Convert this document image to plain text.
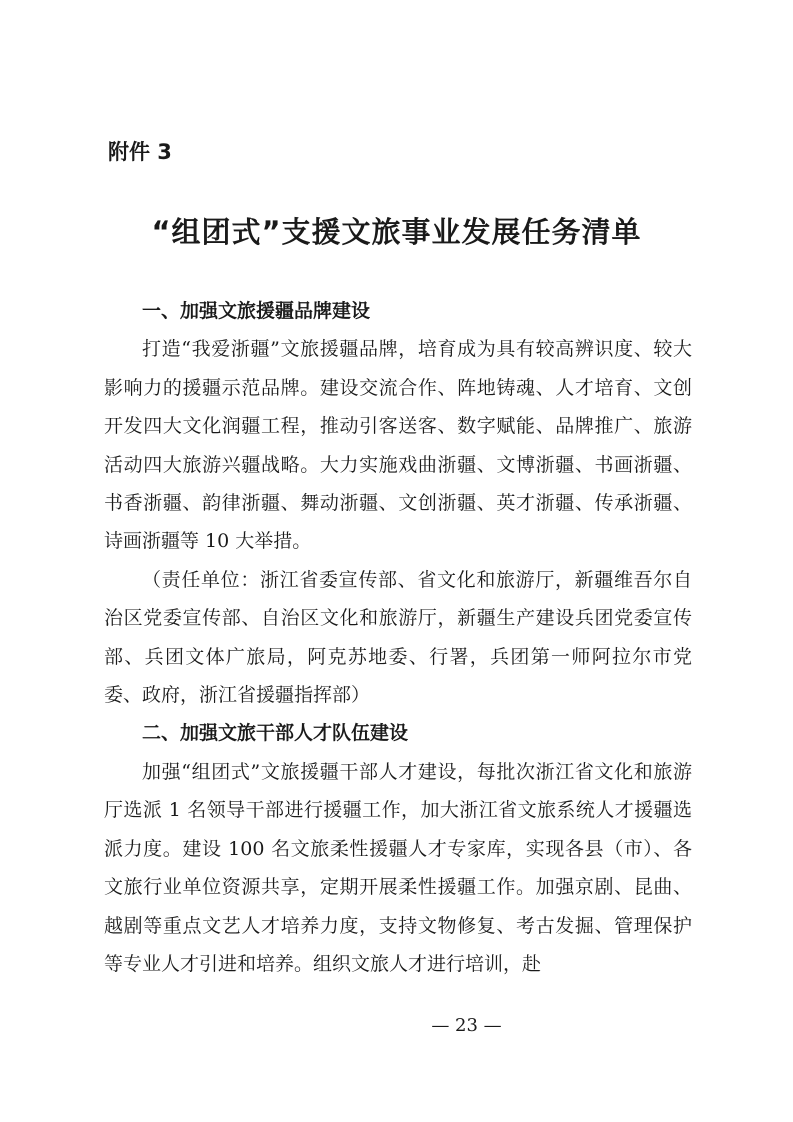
附件 3
“组团式”支援文旅事业发展任务清单

一、加强文旅援疆品牌建设

打造“我爱浙疆”文旅援疆品牌，培育成为具有较高辨识度、较大影响力的援疆示范品牌。建设交流合作、阵地铸魂、人才培育、文创开发四大文化润疆工程，推动引客送客、数字赋能、品牌推广、旅游活动四大旅游兴疆战略。大力实施戏曲浙疆、文博浙疆、书画浙疆、书香浙疆、韵律浙疆、舞动浙疆、文创浙疆、英才浙疆、传承浙疆、诗画浙疆等 10 大举措。

（责任单位：浙江省委宣传部、省文化和旅游厅，新疆维吾尔自治区党委宣传部、自治区文化和旅游厅，新疆生产建设兵团党委宣传部、兵团文体广旅局，阿克苏地委、行署，兵团第一师阿拉尔市党委、政府，浙江省援疆指挥部）

二、加强文旅干部人才队伍建设

加强“组团式”文旅援疆干部人才建设，每批次浙江省文化和旅游厅选派 1 名领导干部进行援疆工作，加大浙江省文旅系统人才援疆选派力度。建设 100 名文旅柔性援疆人才专家库，实现各县（市）、各文旅行业单位资源共享，定期开展柔性援疆工作。加强京剧、昆曲、越剧等重点文艺人才培养力度，支持文物修复、考古发掘、管理保护等专业人才引进和培养。组织文旅人才进行培训，赴

— 23 —
